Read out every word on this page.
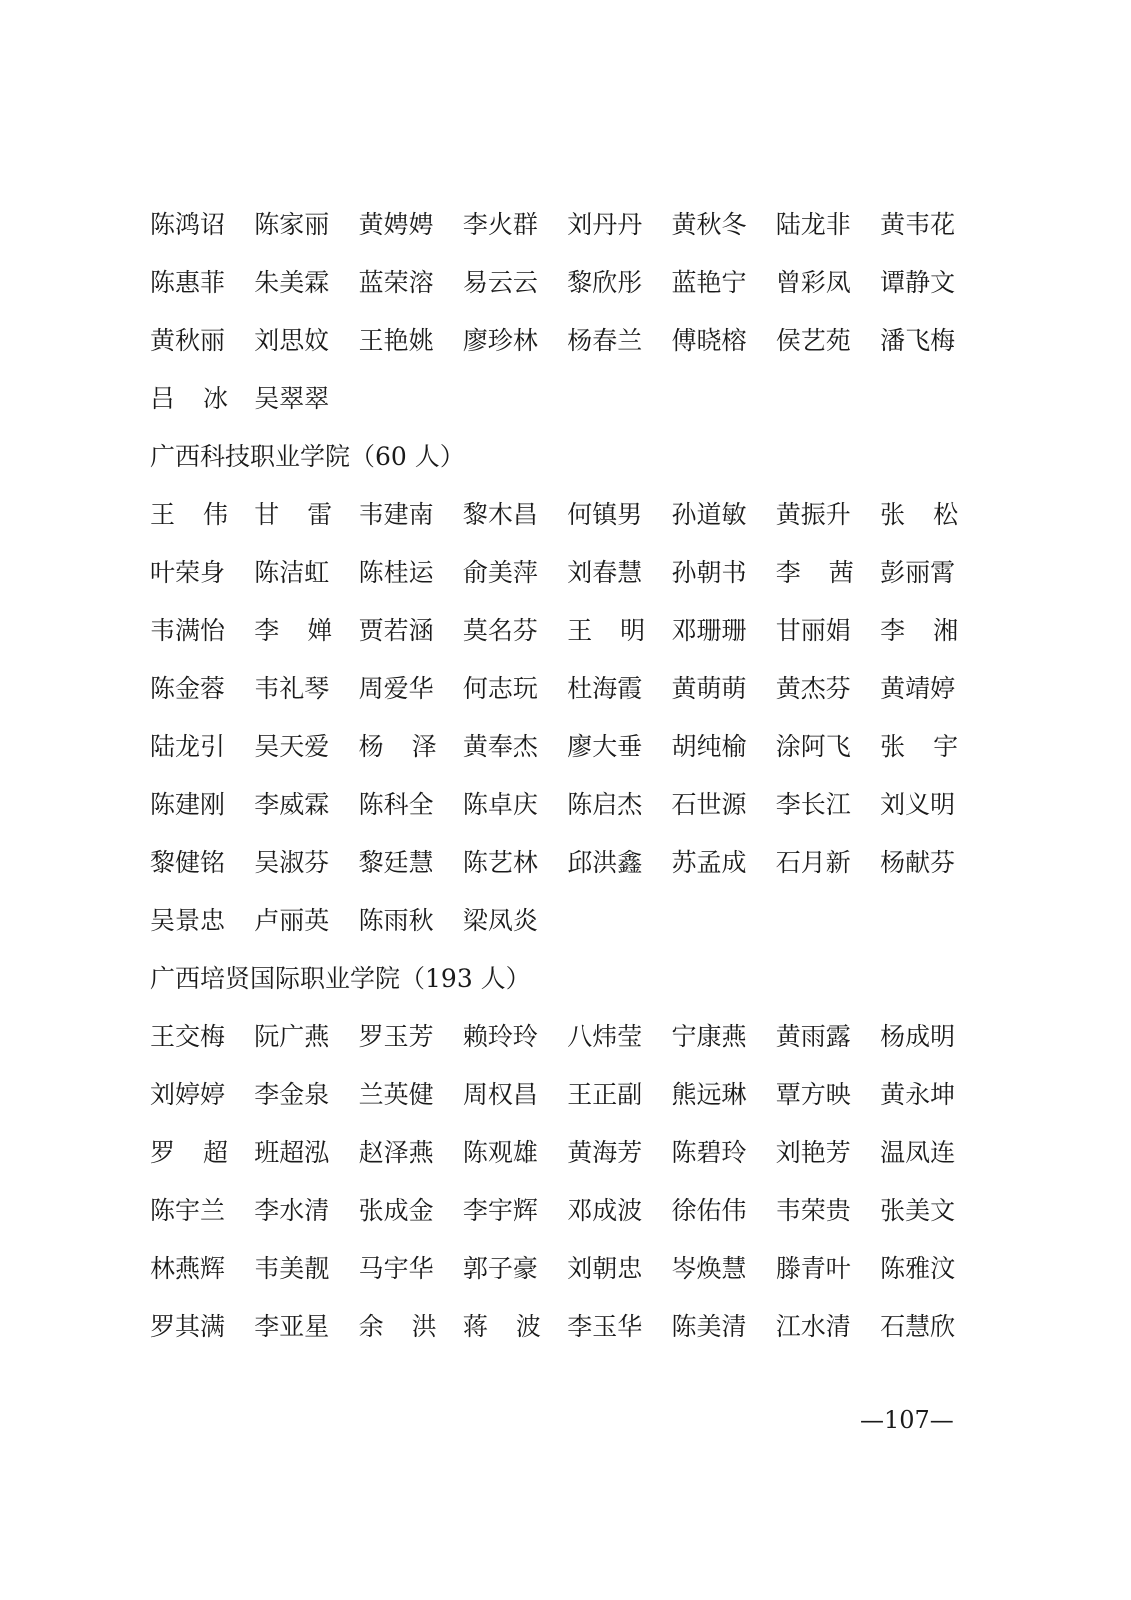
陈鸿诏 陈家丽 黄娉娉 李火群 刘丹丹 黄秋冬 陆龙非 黄韦花
陈惠菲 朱美霖 蓝荣溶 易云云 黎欣彤 蓝艳宁 曾彩凤 谭静文
黄秋丽 刘思妏 王艳姚 廖珍林 杨春兰 傅晓榕 侯艺苑 潘飞梅
吕 冰 吴翠翠
广西科技职业学院（60 人）
王 伟 甘 雷 韦建南 黎木昌 何镇男 孙道敏 黄振升 张 松
叶荣身 陈洁虹 陈桂运 俞美萍 刘春慧 孙朝书 李 茜 彭丽霄
韦满怡 李 婵 贾若涵 莫名芬 王 明 邓珊珊 甘丽娟 李 湘
陈金蓉 韦礼琴 周爱华 何志玩 杜海霞 黄萌萌 黄杰芬 黄靖婷
陆龙引 吴天爱 杨 泽 黄奉杰 廖大垂 胡纯榆 涂阿飞 张 宇
陈建刚 李威霖 陈科全 陈卓庆 陈启杰 石世源 李长江 刘义明
黎健铭 吴淑芬 黎廷慧 陈艺林 邱洪鑫 苏孟成 石月新 杨献芬
吴景忠 卢丽英 陈雨秋 梁凤炎
广西培贤国际职业学院（193 人）
王交梅 阮广燕 罗玉芳 赖玲玲 八炜莹 宁康燕 黄雨露 杨成明
刘婷婷 李金泉 兰英健 周权昌 王正副 熊远琳 覃方映 黄永坤
罗 超 班超泓 赵泽燕 陈观雄 黄海芳 陈碧玲 刘艳芳 温凤连
陈宇兰 李水清 张成金 李宇辉 邓成波 徐佑伟 韦荣贵 张美文
林燕辉 韦美靓 马宇华 郭子豪 刘朝忠 岑焕慧 滕青叶 陈雅汶
罗其满 李亚星 余 洪 蒋 波 李玉华 陈美清 江水清 石慧欣
—107—
